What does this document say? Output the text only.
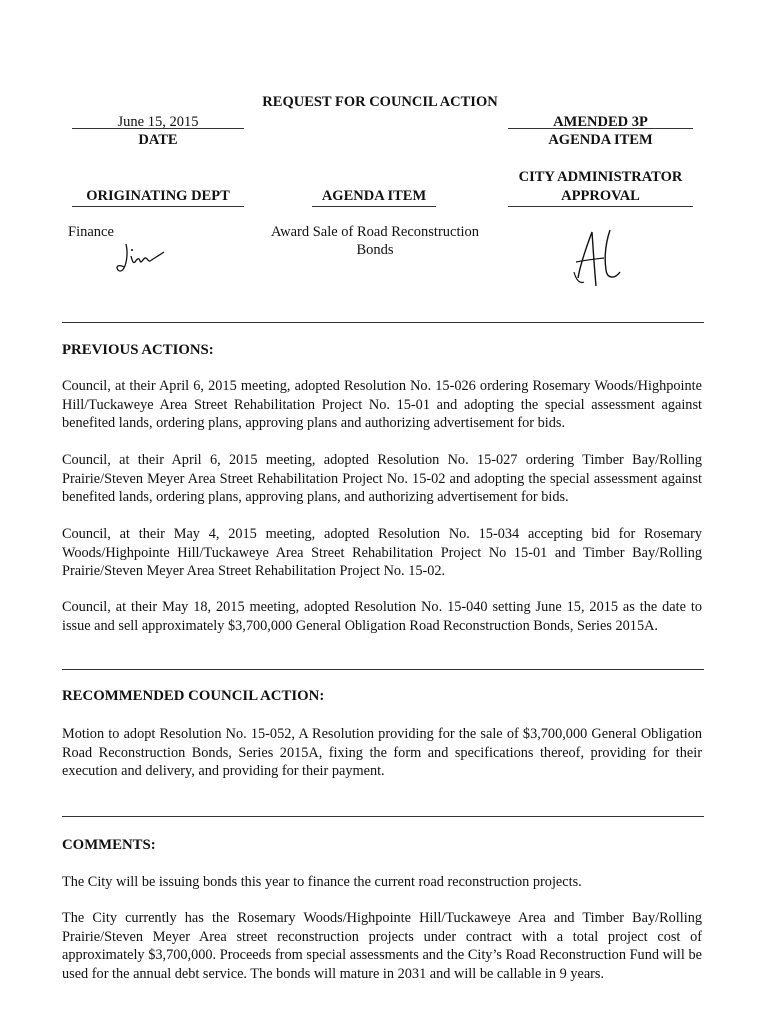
REQUEST FOR COUNCIL ACTION
June 15, 2015
DATE
AMENDED 3P
AGENDA ITEM
CITY ADMINISTRATOR
APPROVAL
ORIGINATING DEPT	AGENDA ITEM
Finance	Award Sale of Road Reconstruction
Bonds
PREVIOUS ACTIONS:
Council, at their April 6, 2015 meeting, adopted Resolution No. 15-026 ordering Rosemary Woods/Highpointe Hill/Tuckaweye Area Street Rehabilitation Project No. 15-01 and adopting the special assessment against benefited lands, ordering plans, approving plans and authorizing advertisement for bids.
Council, at their April 6, 2015 meeting, adopted Resolution No. 15-027 ordering Timber Bay/Rolling Prairie/Steven Meyer Area Street Rehabilitation Project No. 15-02 and adopting the special assessment against benefited lands, ordering plans, approving plans, and authorizing advertisement for bids.
Council, at their May 4, 2015 meeting, adopted Resolution No. 15-034 accepting bid for Rosemary Woods/Highpointe Hill/Tuckaweye Area Street Rehabilitation Project No 15-01 and Timber Bay/Rolling Prairie/Steven Meyer Area Street Rehabilitation Project No. 15-02.
Council, at their May 18, 2015 meeting, adopted Resolution No. 15-040 setting June 15, 2015 as the date to issue and sell approximately $3,700,000 General Obligation Road Reconstruction Bonds, Series 2015A.
RECOMMENDED COUNCIL ACTION:
Motion to adopt Resolution No. 15-052, A Resolution providing for the sale of $3,700,000 General Obligation Road Reconstruction Bonds, Series 2015A, fixing the form and specifications thereof, providing for their execution and delivery, and providing for their payment.
COMMENTS:
The City will be issuing bonds this year to finance the current road reconstruction projects.
The City currently has the Rosemary Woods/Highpointe Hill/Tuckaweye Area and Timber Bay/Rolling Prairie/Steven Meyer Area street reconstruction projects under contract with a total project cost of approximately $3,700,000. Proceeds from special assessments and the City’s Road Reconstruction Fund will be used for the annual debt service. The bonds will mature in 2031 and will be callable in 9 years.
